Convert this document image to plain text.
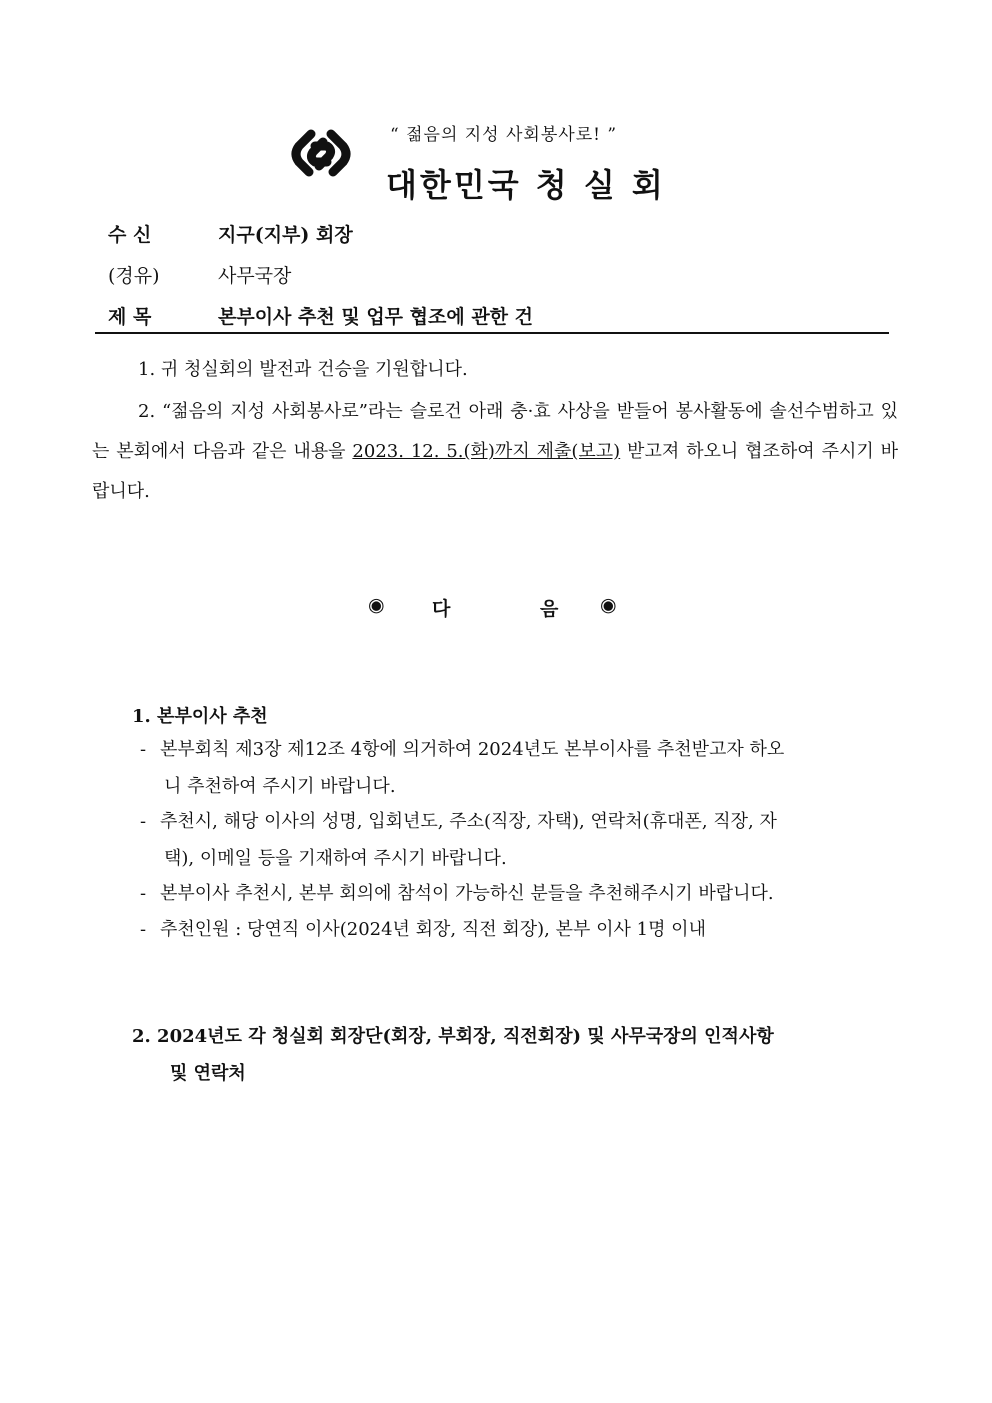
“ 젊음의 지성 사회봉사로! ”
대한민국 청 실 회
수 신	지구(지부) 회장
(경유)	사무국장
제 목	본부이사 추천 및 업무 협조에 관한 건
1. 귀 청실회의 발전과 건승을 기원합니다.
2. “젊음의 지성 사회봉사로”라는 슬로건 아래 충·효 사상을 받들어 봉사활동에 솔선수범하고 있는 본회에서 다음과 같은 내용을 2023. 12. 5.(화)까지 제출(보고) 받고져 하오니 협조하여 주시기 바랍니다.
◉ 다	음 ◉
1. 본부이사 추천
- 본부회칙 제3장 제12조 4항에 의거하여 2024년도 본부이사를 추천받고자 하오
니 추천하여 주시기 바랍니다.
- 추천시, 해당 이사의 성명, 입회년도, 주소(직장, 자택), 연락처(휴대폰, 직장, 자
택), 이메일 등을 기재하여 주시기 바랍니다.
- 본부이사 추천시, 본부 회의에 참석이 가능하신 분들을 추천해주시기 바랍니다.
- 추천인원 : 당연직 이사(2024년 회장, 직전 회장), 본부 이사 1명 이내
2. 2024년도 각 청실회 회장단(회장, 부회장, 직전회장) 및 사무국장의 인적사항
및 연락처
